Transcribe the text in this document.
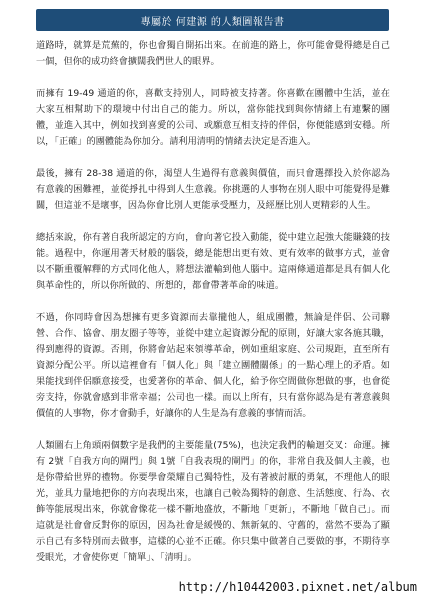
專屬於 何建源 的人類圖報告書

道路時，就算是荒蕪的，你也會獨自開拓出來。在前進的路上，你可能會覺得總是自己一個，但你的成功終會擴闊我們世人的眼界。

而擁有 19-49 通道的你，喜歡支持別人，同時被支持著。你喜歡在團體中生活，並在大家互相幫助下的環境中付出自己的能力。所以，當你能找到與你情緒上有連繫的團體，並進入其中，例如找到喜愛的公司、或願意互相支持的伴侶，你便能感到安穩。所以，「正確」的團體能為你加分。請利用清明的情緒去決定是否進入。

最後，擁有 28-38 通道的你，渴望人生過得有意義與價值，而只會選擇投入於你認為有意義的困難裡，並從掙扎中得到人生意義。你挑選的人事物在別人眼中可能覺得是難關，但這並不是壞事，因為你會比別人更能承受壓力，及經歷比別人更精彩的人生。

總括來說，你有著自我所認定的方向，會向著它投入動能，從中建立起強大能賺錢的技能。過程中，你運用著天材般的腦袋，總是能想出更有效、更有效率的做事方式，並會以不斷重覆解釋的方式同化他人，將想法灌輸到他人腦中。這兩條通道都是具有個人化與革命性的，所以你所做的、所想的，都會帶著革命的味道。

不過，你同時會因為想擁有更多資源而去靠攏他人，組成團體，無論是伴侶、公司聯營、合作、協會、朋友圈子等等，並從中建立起資源分配的原則，好讓大家各施其職，得到應得的資源。否則，你將會站起來領導革命，例如重組家庭、公司規距，直至所有資源分配公平。所以這裡會有「個人化」與「建立團體關係」的一點心理上的矛盾。如果能找到伴侶願意接受，也愛著你的革命、個人化，給予你空間做你想做的事，也會從旁支持，你就會感到非常幸福；公司也一樣。而以上所有，只有當你認為是有著意義與價值的人事物，你才會動手，好讓你的人生是為有意義的事情而活。

人類圖右上角頭兩個數字是我們的主要能量(75%)，也決定我們的輪迴交叉：命運。擁有 2號「自我方向的閘門」與 1號「自我表現的閘門」的你，非常自我及個人主義，也是你帶給世界的禮物。你要學會榮耀自己獨特性，及有著被討厭的勇氣，不理他人的眼光，並具力量地把你的方向表現出來，也讓自己較為獨特的創意、生活態度、行為、衣飾等能展現出來，你就會像花一樣不斷地盛放，不斷地「更新」，不斷地「做自己」。而這就是社會會反對你的原因，因為社會是緩慢的、無新氣的、守舊的，當然不要為了顯示自己有多特別而去做事，這樣的心並不正確。你只集中做著自己要做的事，不期待享受眼光，才會使你更「簡單」、「清明」。

http://h10442003.pixnet.net/album
